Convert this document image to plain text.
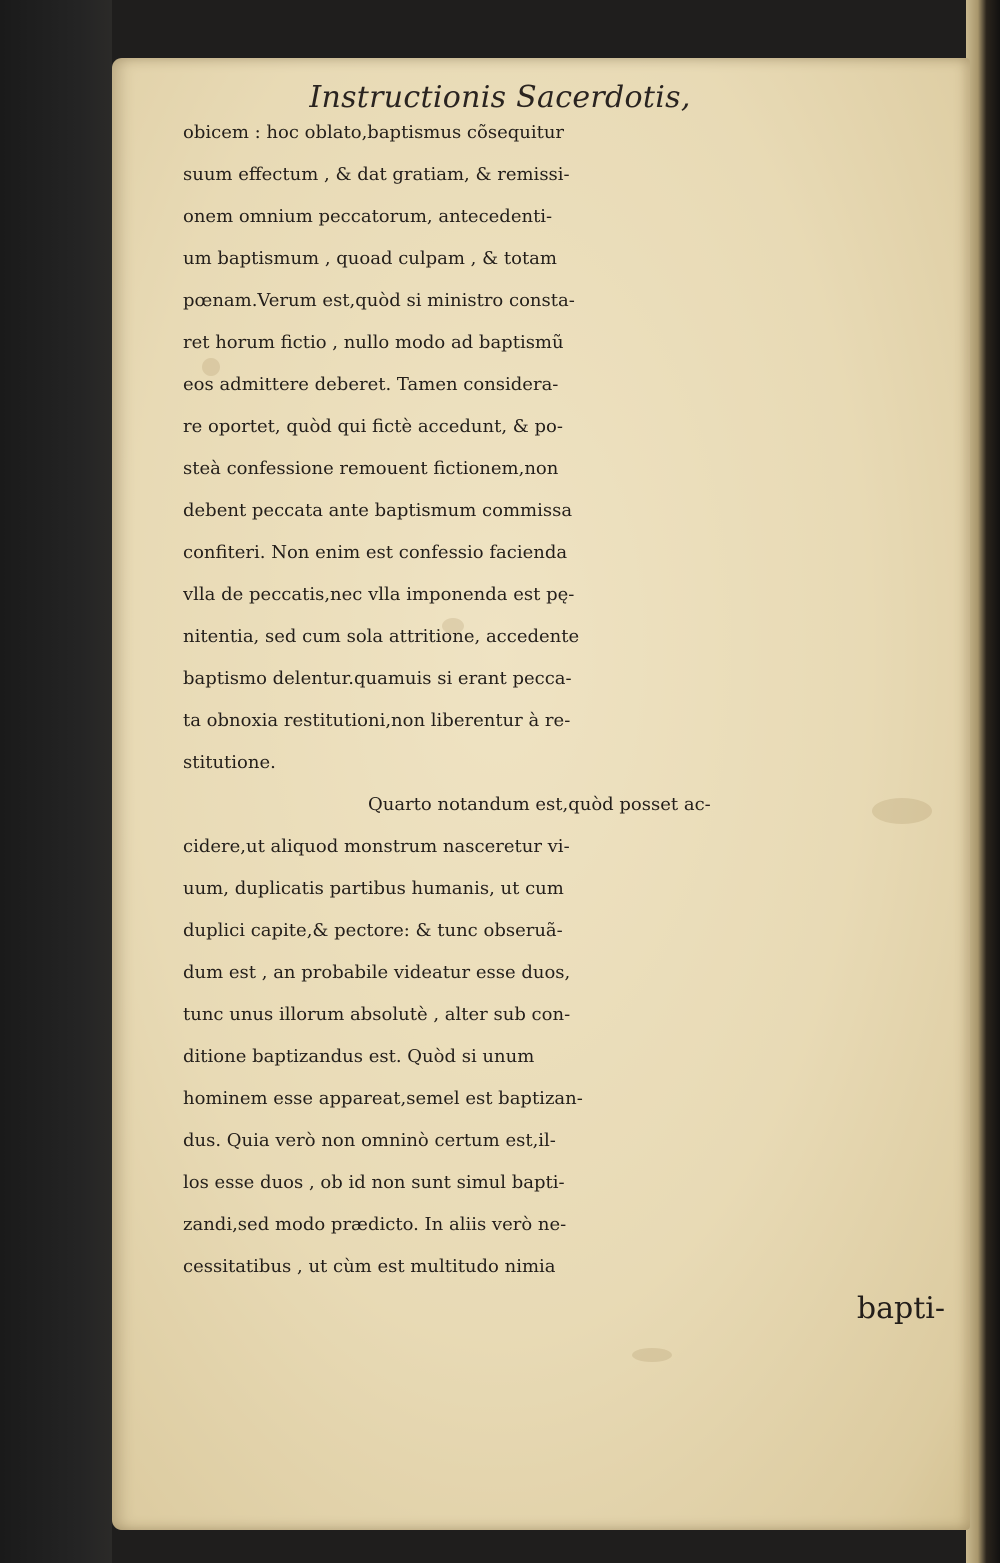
Instructionis Sacerdotis,
obicem : hoc oblato,baptismus cõsequitur
suum effectum , & dat gratiam, & remissi-
onem omnium peccatorum, antecedenti-
um baptismum , quoad culpam , & totam
pœnam.Verum est,quòd si ministro consta-
ret horum fictio , nullo modo ad baptismũ
eos admittere deberet. Tamen considera-
re oportet, quòd qui fictè accedunt, & po-
steà confessione remouent fictionem,non
debent peccata ante baptismum commissa
confiteri. Non enim est confessio facienda
vlla de peccatis,nec vlla imponenda est pę-
nitentia, sed cum sola attritione, accedente
baptismo delentur.quamuis si erant pecca-
ta obnoxia restitutioni,non liberentur à re-
stitutione.
Quarto notandum est,quòd posset ac-
cidere,ut aliquod monstrum nasceretur vi-
uum, duplicatis partibus humanis, ut cum
duplici capite,& pectore: & tunc obseruã-
dum est , an probabile videatur esse duos,
tunc unus illorum absolutè , alter sub con-
ditione baptizandus est. Quòd si unum
hominem esse appareat,semel est baptizan-
dus. Quia verò non omninò certum est,il-
los esse duos , ob id non sunt simul bapti-
zandi,sed modo prædicto. In aliis verò ne-
cessitatibus , ut cùm est multitudo nimia
bapti-
